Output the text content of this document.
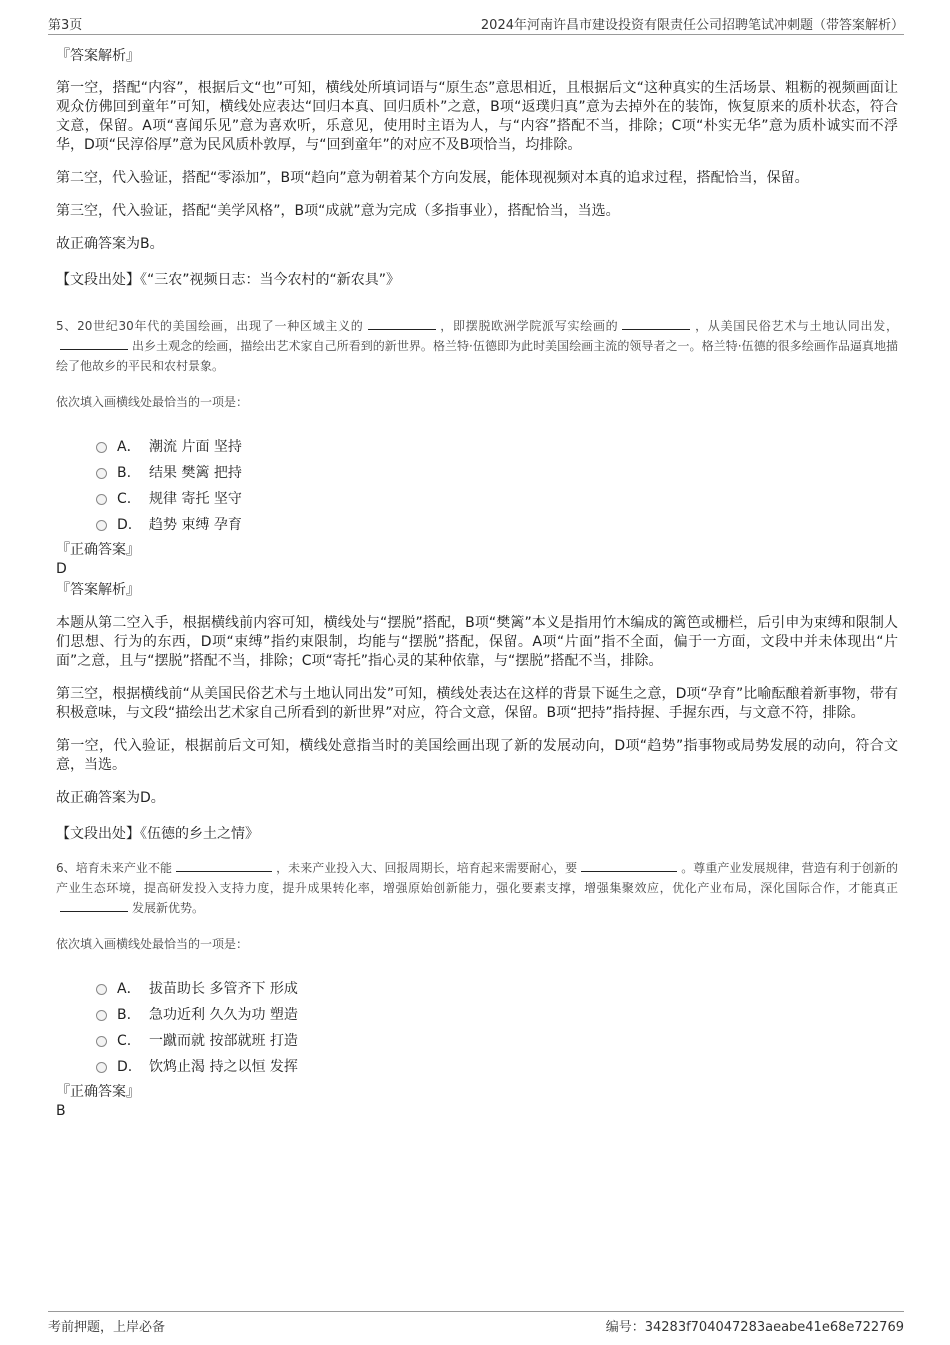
第3页	2024年河南许昌市建设投资有限责任公司招聘笔试冲刺题（带答案解析）

『答案解析』

第一空，搭配“内容”，根据后文“也”可知，横线处所填词语与“原生态”意思相近，且根据后文“这种真实的生活场景、粗粝的视频画面让观众仿佛回到童年”可知，横线处应表达“回归本真、回归质朴”之意，B项“返璞归真”意为去掉外在的装饰，恢复原来的质朴状态，符合文意，保留。A项“喜闻乐见”意为喜欢听，乐意见，使用时主语为人，与“内容”搭配不当，排除；C项“朴实无华”意为质朴诚实而不浮华，D项“民淳俗厚”意为民风质朴敦厚，与“回到童年”的对应不及B项恰当，均排除。

第二空，代入验证，搭配“零添加”，B项“趋向”意为朝着某个方向发展，能体现视频对本真的追求过程，搭配恰当，保留。

第三空，代入验证，搭配“美学风格”，B项“成就”意为完成（多指事业），搭配恰当，当选。

故正确答案为B。

【文段出处】《“三农”视频日志：当今农村的“新农具”》

5、20世纪30年代的美国绘画，出现了一种区域主义的	，即摆脱欧洲学院派写实绘画的	，从美国民俗艺术与土地认同出发，出乡土观念的绘画，描绘出艺术家自己所看到的新世界。格兰特·伍德即为此时美国绘画主流的领导者之一。格兰特·伍德的很多绘画作品逼真地描绘了他故乡的平民和农村景象。

依次填入画横线处最恰当的一项是：

A． 潮流 片面 坚持
B. 结果 樊篱 把持
C. 规律 寄托 坚守
D. 趋势 束缚 孕育

『正确答案』

D

『答案解析』

本题从第二空入手，根据横线前内容可知，横线处与“摆脱”搭配，B项“樊篱”本义是指用竹木编成的篱笆或栅栏，后引申为束缚和限制人们思想、行为的东西，D项“束缚”指约束限制，均能与“摆脱”搭配，保留。A项“片面”指不全面，偏于一方面，文段中并未体现出“片面”之意，且与“摆脱”搭配不当，排除；C项“寄托”指心灵的某种依靠，与“摆脱”搭配不当，排除。

第三空，根据横线前“从美国民俗艺术与土地认同出发”可知，横线处表达在这样的背景下诞生之意，D项“孕育”比喻酝酿着新事物，带有积极意味，与文段“描绘出艺术家自己所看到的新世界”对应，符合文意，保留。B项“把持”指持握、手握东西，与文意不符，排除。

第一空，代入验证，根据前后文可知，横线处意指当时的美国绘画出现了新的发展动向，D项“趋势”指事物或局势发展的动向，符合文意，当选。

故正确答案为D。

【文段出处】《伍德的乡土之情》

6、培育未来产业不能	，未来产业投入大、回报周期长，培育起来需要耐心，要	。尊重产业发展规律，营造有利于创新的产业生态环境，提高研发投入支持力度，提升成果转化率，增强原始创新能力，强化要素支撑，增强集聚效应，优化产业布局，深化国际合作，才能真正发展新优势。

依次填入画横线处最恰当的一项是：

A． 拔苗助长 多管齐下 形成
B. 急功近利 久久为功 塑造
C. 一蹴而就 按部就班 打造
D. 饮鸩止渴 持之以恒 发挥

『正确答案』

B

考前押题，上岸必备	编号：34283f704047283aeabe41e68e722769
